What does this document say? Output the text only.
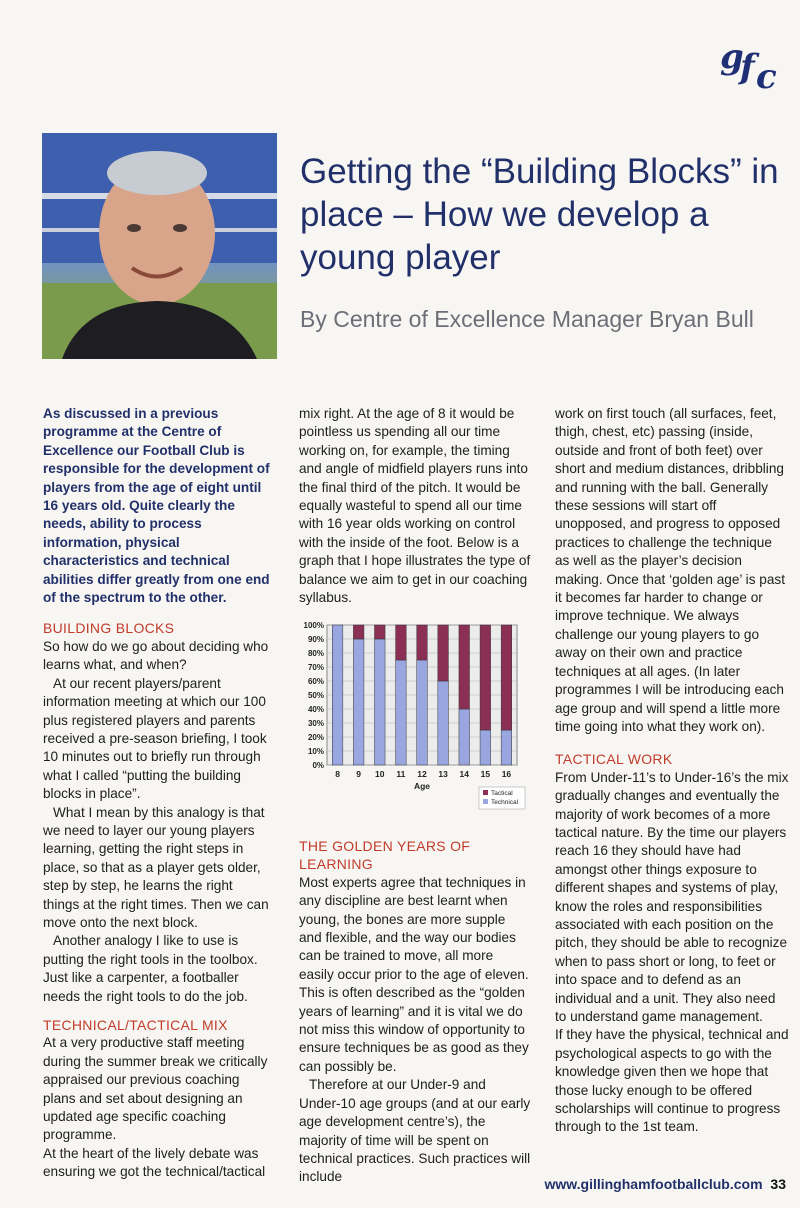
g
f c
Getting the “Building Blocks” in place – How we develop a young player
By Centre of Excellence Manager Bryan Bull

As discussed in a previous programme at the Centre of Excellence our Football Club is responsible for the development of players from the age of eight until 16 years old. Quite clearly the needs, ability to process information, physical characteristics and technical abilities differ greatly from one end of the spectrum to the other.

BUILDING BLOCKS

So how do we go about deciding who learns what, and when?

At our recent players/parent information meeting at which our 100 plus registered players and parents received a pre-season briefing, I took 10 minutes out to briefly run through what I called “putting the building blocks in place”.

What I mean by this analogy is that we need to layer our young players learning, getting the right steps in place, so that as a player gets older, step by step, he learns the right things at the right times. Then we can move onto the next block.

Another analogy I like to use is putting the right tools in the toolbox. Just like a carpenter, a footballer needs the right tools to do the job.

TECHNICAL/TACTICAL MIX

At a very productive staff meeting during the summer break we critically appraised our previous coaching plans and set about designing an updated age specific coaching programme.

At the heart of the lively debate was ensuring we got the technical/tactical

mix right. At the age of 8 it would be pointless us spending all our time working on, for example, the timing and angle of midfield players runs into the final third of the pitch. It would be equally wasteful to spend all our time with 16 year olds working on control with the inside of the foot. Below is a graph that I hope illustrates the type of balance we aim to get in our coaching syllabus.

0%
10%
20%
30%
40%
50%
60%
70%
80%
90%
100%
8 9 10 11 12 13 14 15 16
Age
Tactical
Technical

THE GOLDEN YEARS OF LEARNING

Most experts agree that techniques in any discipline are best learnt when young, the bones are more supple and flexible, and the way our bodies can be trained to move, all more easily occur prior to the age of eleven. This is often described as the “golden years of learning” and it is vital we do not miss this window of opportunity to ensure techniques be as good as they can possibly be.

Therefore at our Under-9 and Under-10 age groups (and at our early age development centre’s), the majority of time will be spent on technical practices. Such practices will include

work on first touch (all surfaces, feet, thigh, chest, etc) passing (inside, outside and front of both feet) over short and medium distances, dribbling and running with the ball. Generally these sessions will start off unopposed, and progress to opposed practices to challenge the technique as well as the player’s decision making. Once that ‘golden age’ is past it becomes far harder to change or improve technique. We always challenge our young players to go away on their own and practice techniques at all ages. (In later programmes I will be introducing each age group and will spend a little more time going into what they work on).

TACTICAL WORK

From Under-11’s to Under-16’s the mix gradually changes and eventually the majority of work becomes of a more tactical nature. By the time our players reach 16 they should have had amongst other things exposure to different shapes and systems of play, know the roles and responsibilities associated with each position on the pitch, they should be able to recognize when to pass short or long, to feet or into space and to defend as an individual and a unit. They also need to understand game management.

If they have the physical, technical and psychological aspects to go with the knowledge given then we hope that those lucky enough to be offered scholarships will continue to progress through to the 1st team.

www.gillinghamfootballclub.com 33
